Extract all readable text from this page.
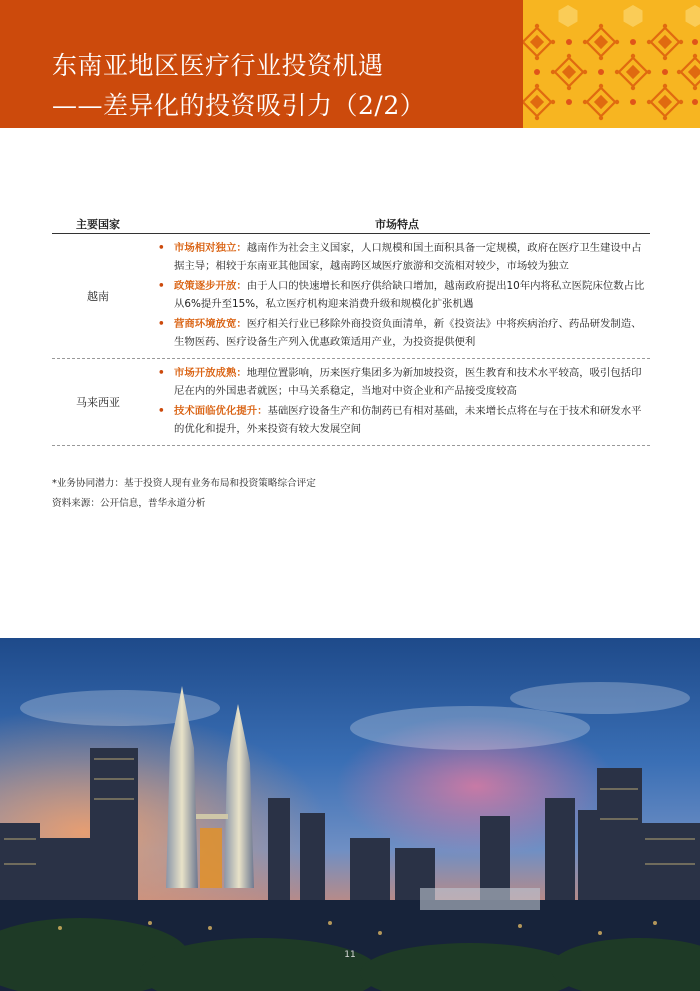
东南亚地区医疗行业投资机遇
——差异化的投资吸引力（2/2）
主要国家	市场特点
越南
• 市场相对独立：越南作为社会主义国家，人口规模和国土面积具备一定规模，政府在医疗卫生建设中占据主导；相较于东南亚其他国家，越南跨区域医疗旅游和交流相对较少，市场较为独立
• 政策逐步开放：由于人口的快速增长和医疗供给缺口增加，越南政府提出10年内将私立医院床位数占比从6%提升至15%，私立医疗机构迎来消费升级和规模化扩张机遇
• 营商环境放宽：医疗相关行业已移除外商投资负面清单，新《投资法》中将疾病治疗、药品研发制造、生物医药、医疗设备生产列入优惠政策适用产业，为投资提供便利
马来西亚
• 市场开放成熟：地理位置影响，历来医疗集团多为新加坡投资，医生教育和技术水平较高，吸引包括印尼在内的外国患者就医；中马关系稳定，当地对中资企业和产品接受度较高
• 技术面临优化提升：基础医疗设备生产和仿制药已有相对基础，未来增长点将在与在于技术和研发水平的优化和提升，外来投资有较大发展空间
*业务协同潜力：基于投资人现有业务布局和投资策略综合评定
资料来源：公开信息，普华永道分析
11
